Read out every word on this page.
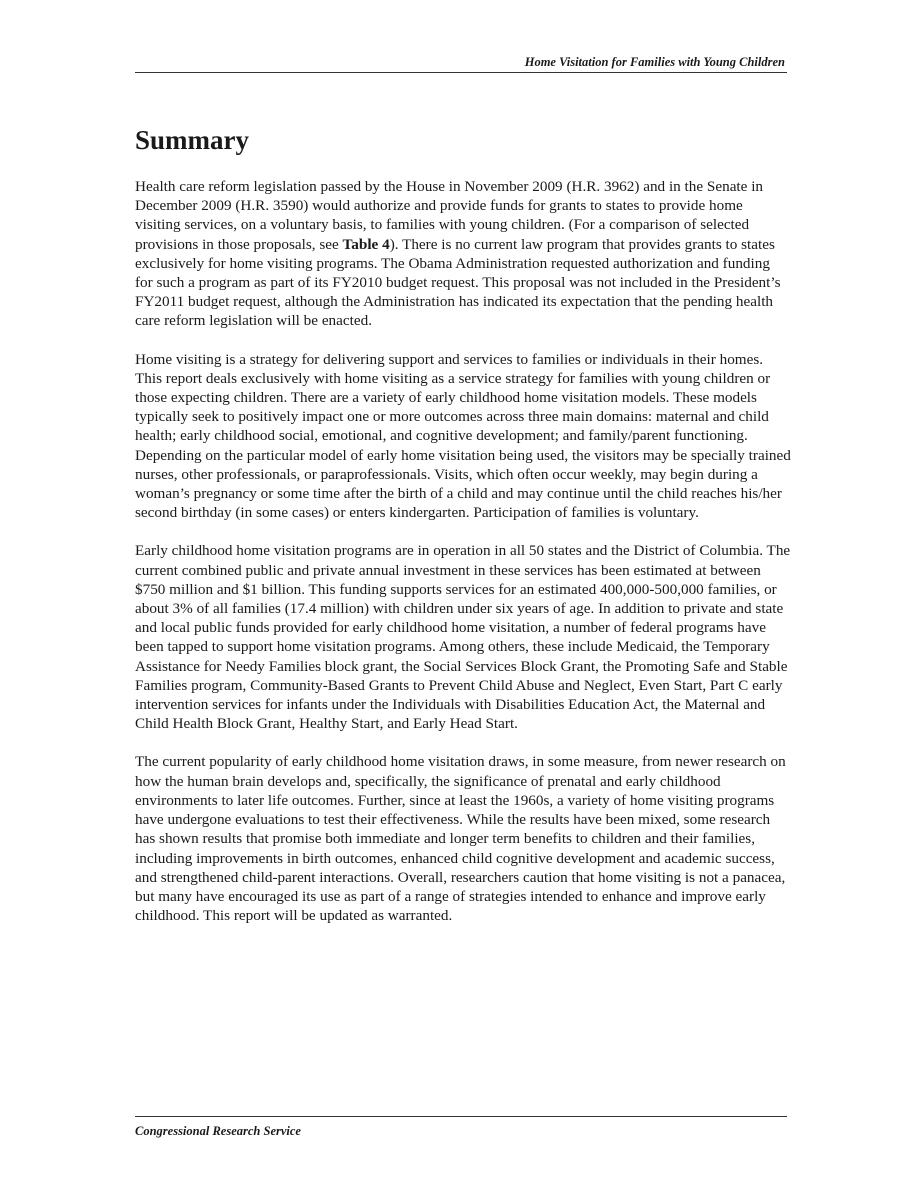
Home Visitation for Families with Young Children
Summary

Health care reform legislation passed by the House in November 2009 (H.R. 3962) and in the Senate in December 2009 (H.R. 3590) would authorize and provide funds for grants to states to provide home visiting services, on a voluntary basis, to families with young children. (For a comparison of selected provisions in those proposals, see Table 4). There is no current law program that provides grants to states exclusively for home visiting programs. The Obama Administration requested authorization and funding for such a program as part of its FY2010 budget request. This proposal was not included in the President’s FY2011 budget request, although the Administration has indicated its expectation that the pending health care reform legislation will be enacted.

Home visiting is a strategy for delivering support and services to families or individuals in their homes. This report deals exclusively with home visiting as a service strategy for families with young children or those expecting children. There are a variety of early childhood home visitation models. These models typically seek to positively impact one or more outcomes across three main domains: maternal and child health; early childhood social, emotional, and cognitive development; and family/parent functioning. Depending on the particular model of early home visitation being used, the visitors may be specially trained nurses, other professionals, or paraprofessionals. Visits, which often occur weekly, may begin during a woman’s pregnancy or some time after the birth of a child and may continue until the child reaches his/her second birthday (in some cases) or enters kindergarten. Participation of families is voluntary.

Early childhood home visitation programs are in operation in all 50 states and the District of Columbia. The current combined public and private annual investment in these services has been estimated at between $750 million and $1 billion. This funding supports services for an estimated 400,000-500,000 families, or about 3% of all families (17.4 million) with children under six years of age. In addition to private and state and local public funds provided for early childhood home visitation, a number of federal programs have been tapped to support home visitation programs. Among others, these include Medicaid, the Temporary Assistance for Needy Families block grant, the Social Services Block Grant, the Promoting Safe and Stable Families program, Community-Based Grants to Prevent Child Abuse and Neglect, Even Start, Part C early intervention services for infants under the Individuals with Disabilities Education Act, the Maternal and Child Health Block Grant, Healthy Start, and Early Head Start.

The current popularity of early childhood home visitation draws, in some measure, from newer research on how the human brain develops and, specifically, the significance of prenatal and early childhood environments to later life outcomes. Further, since at least the 1960s, a variety of home visiting programs have undergone evaluations to test their effectiveness. While the results have been mixed, some research has shown results that promise both immediate and longer term benefits to children and their families, including improvements in birth outcomes, enhanced child cognitive development and academic success, and strengthened child-parent interactions. Overall, researchers caution that home visiting is not a panacea, but many have encouraged its use as part of a range of strategies intended to enhance and improve early childhood. This report will be updated as warranted.

Congressional Research Service
